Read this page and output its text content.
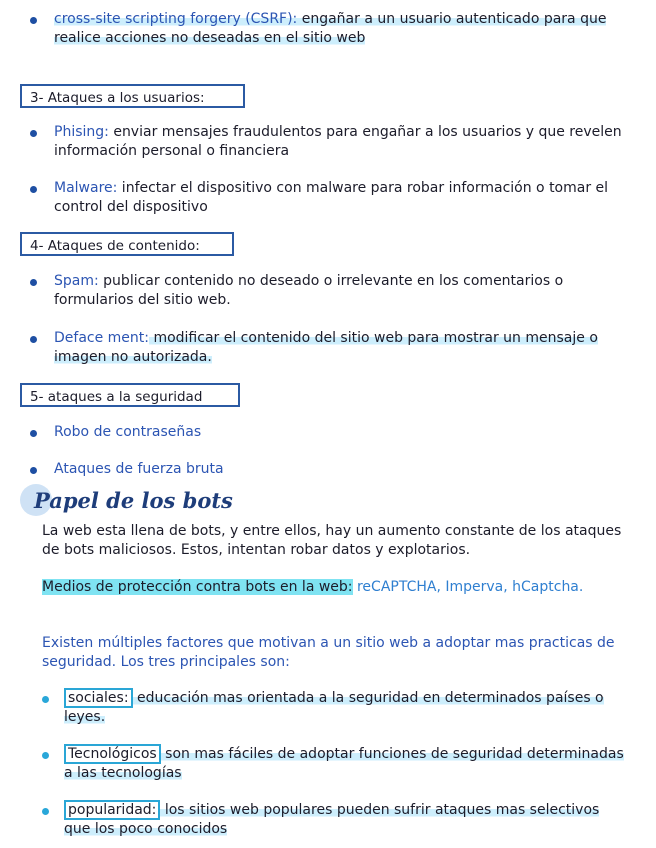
cross-site scripting forgery (CSRF): engañar a un usuario autenticado para que realice acciones no deseadas en el sitio web
3- Ataques a los usuarios:
Phising: enviar mensajes fraudulentos para engañar a los usuarios y que revelen información personal o financiera
Malware: infectar el dispositivo con malware para robar información o tomar el control del dispositivo
4- Ataques de contenido:
Spam: publicar contenido no deseado o irrelevante en los comentarios o formularios del sitio web.
Deface ment: modificar el contenido del sitio web para mostrar un mensaje o imagen no autorizada.
5- ataques a la seguridad
Robo de contraseñas
Ataques de fuerza bruta
Papel de los bots
La web esta llena de bots, y entre ellos, hay un aumento constante de los ataques de bots maliciosos. Estos, intentan robar datos y explotarios.
Medios de protección contra bots en la web: reCAPTCHA, Imperva, hCaptcha.
Existen múltiples factores que motivan a un sitio web a adoptar mas practicas de seguridad. Los tres principales son:
sociales: educación mas orientada a la seguridad en determinados países o leyes.
Tecnológicos son mas fáciles de adoptar funciones de seguridad determinadas a las tecnologías
popularidad: los sitios web populares pueden sufrir ataques mas selectivos que los poco conocidos
